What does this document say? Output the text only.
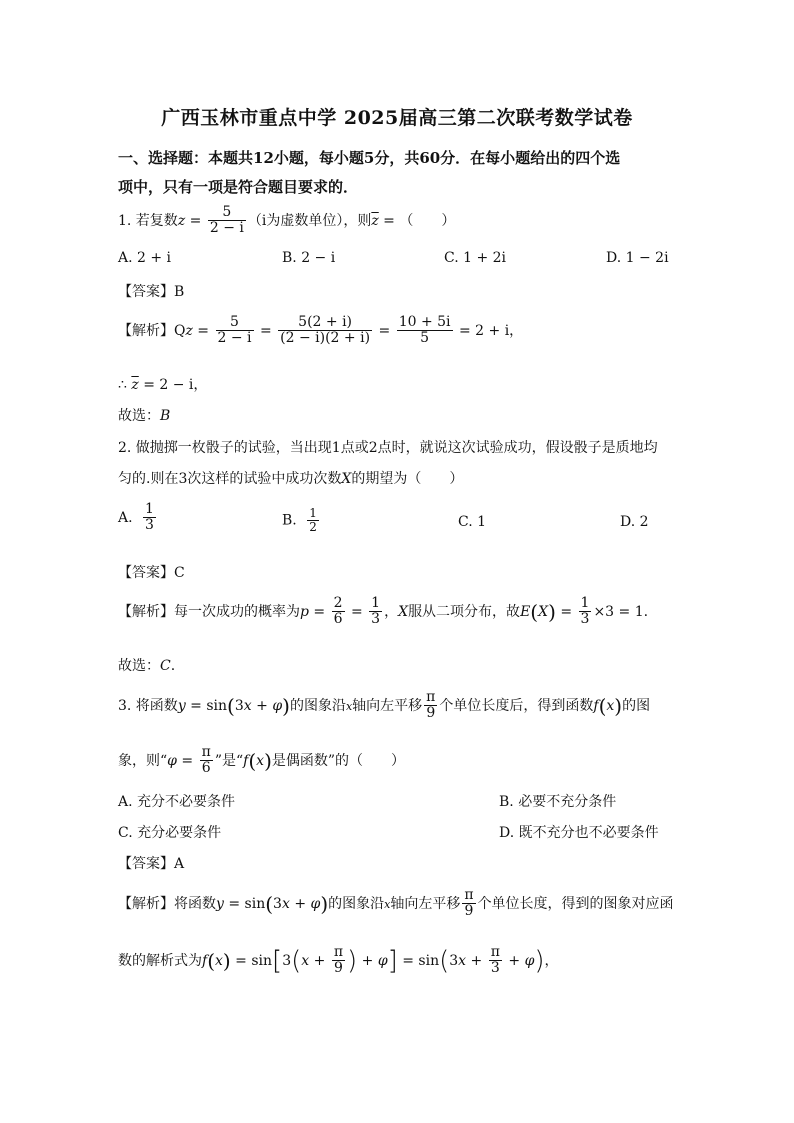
广西玉林市重点中学 2025届高三第二次联考数学试卷
一、选择题：本题共12小题，每小题5分，共60分．在每小题给出的四个选
项中，只有一项是符合题目要求的．
1. 若复数$z = \frac{5}{2 - i} (i$为虚数单位），则$\overline{z}$ = （　　）
A. 2 + i	B. 2 − i	C. 1 + 2i	D. 1 − 2i
【答案】B
【解析】$Qz = \frac{5}{2 - i} = \frac{5(2 + i)}{(2 - i)(2 + i)} = \frac{10 + 5i}{5} = 2 + i$，
∴ $\overline{z} = 2 - i$，
故选：B
2. 做抛掷一枚骰子的试验，当出现1点或2点时，就说这次试验成功，假设骰子是质地均
匀的.则在3次这样的试验中成功次数X的期望为（　　）
A. $\frac{1}{3}$	B. $\frac{1}{2}$	C. 1	D. 2
【答案】C
【解析】每一次成功的概率为$p = \frac{2}{6} = \frac{1}{3}$ ，X服从二项分布，故$E(X) = \frac{1}{3} \times 3 = 1$.
故选：C.
3. 将函数y = sin(3x + φ)的图象沿x轴向左平移 $\frac{\pi}{9}$ 个单位长度后，得到函数f(x)的图
象，则“$\varphi = \frac{\pi}{6}$ ”是“f(x)是偶函数”的（　　）
A. 充分不必要条件	B. 必要不充分条件
C. 充分必要条件	D. 既不充分也不必要条件
【答案】A
【解析】将函数y = sin(3x + φ)的图象沿x轴向左平移 $\frac{\pi}{9}$ 个单位长度，得到的图象对应函
数的解析式为$f(x) = \sin[3(x + \frac{\pi}{9}$ ) + $\varphi] = \sin(3x + \frac{\pi}{3} + \varphi)$，
